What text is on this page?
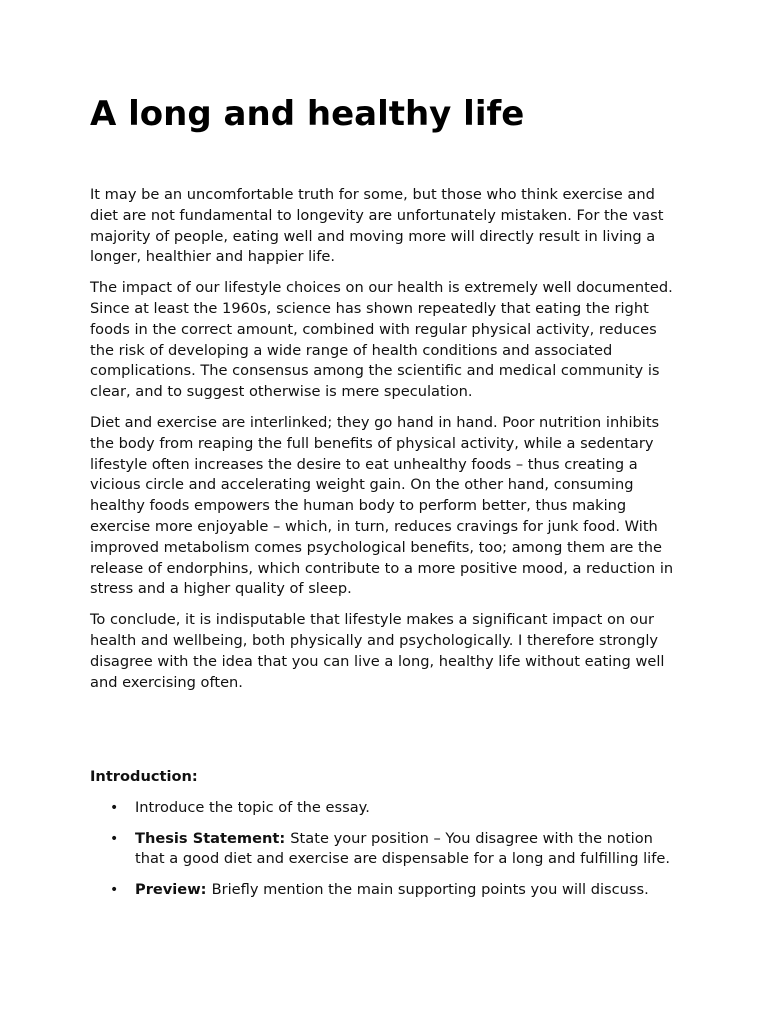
A long and healthy life

It may be an uncomfortable truth for some, but those who think exercise and diet are not fundamental to longevity are unfortunately mistaken. For the vast majority of people, eating well and moving more will directly result in living a longer, healthier and happier life.

The impact of our lifestyle choices on our health is extremely well documented. Since at least the 1960s, science has shown repeatedly that eating the right foods in the correct amount, combined with regular physical activity, reduces the risk of developing a wide range of health conditions and associated complications. The consensus among the scientific and medical community is clear, and to suggest otherwise is mere speculation.

Diet and exercise are interlinked; they go hand in hand. Poor nutrition inhibits the body from reaping the full benefits of physical activity, while a sedentary lifestyle often increases the desire to eat unhealthy foods – thus creating a vicious circle and accelerating weight gain. On the other hand, consuming healthy foods empowers the human body to perform better, thus making exercise more enjoyable – which, in turn, reduces cravings for junk food. With improved metabolism comes psychological benefits, too; among them are the release of endorphins, which contribute to a more positive mood, a reduction in stress and a higher quality of sleep.

To conclude, it is indisputable that lifestyle makes a significant impact on our health and wellbeing, both physically and psychologically. I therefore strongly disagree with the idea that you can live a long, healthy life without eating well and exercising often.

Introduction:
• Introduce the topic of the essay.
• Thesis Statement: State your position – You disagree with the notion that a good diet and exercise are dispensable for a long and fulfilling life.
• Preview: Briefly mention the main supporting points you will discuss.
